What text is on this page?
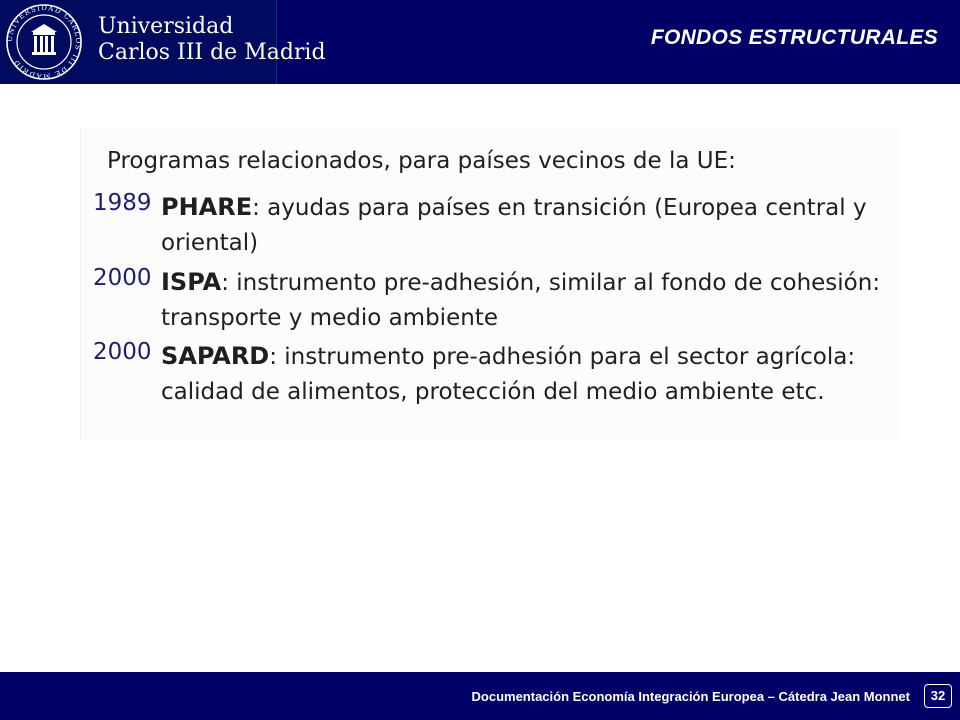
UNIVERSIDAD CARLOS III DE MADRID
Universidad
Carlos III de Madrid
FONDOS ESTRUCTURALES
Programas relacionados, para países vecinos de la UE:
1989 PHARE: ayudas para países en transición (Europea central y
oriental)
2000 ISPA: instrumento pre-adhesión, similar al fondo de cohesión:
transporte y medio ambiente
2000 SAPARD: instrumento pre-adhesión para el sector agrícola:
calidad de alimentos, protección del medio ambiente etc.
Documentación Economía Integración Europea – Cátedra Jean Monnet	32
